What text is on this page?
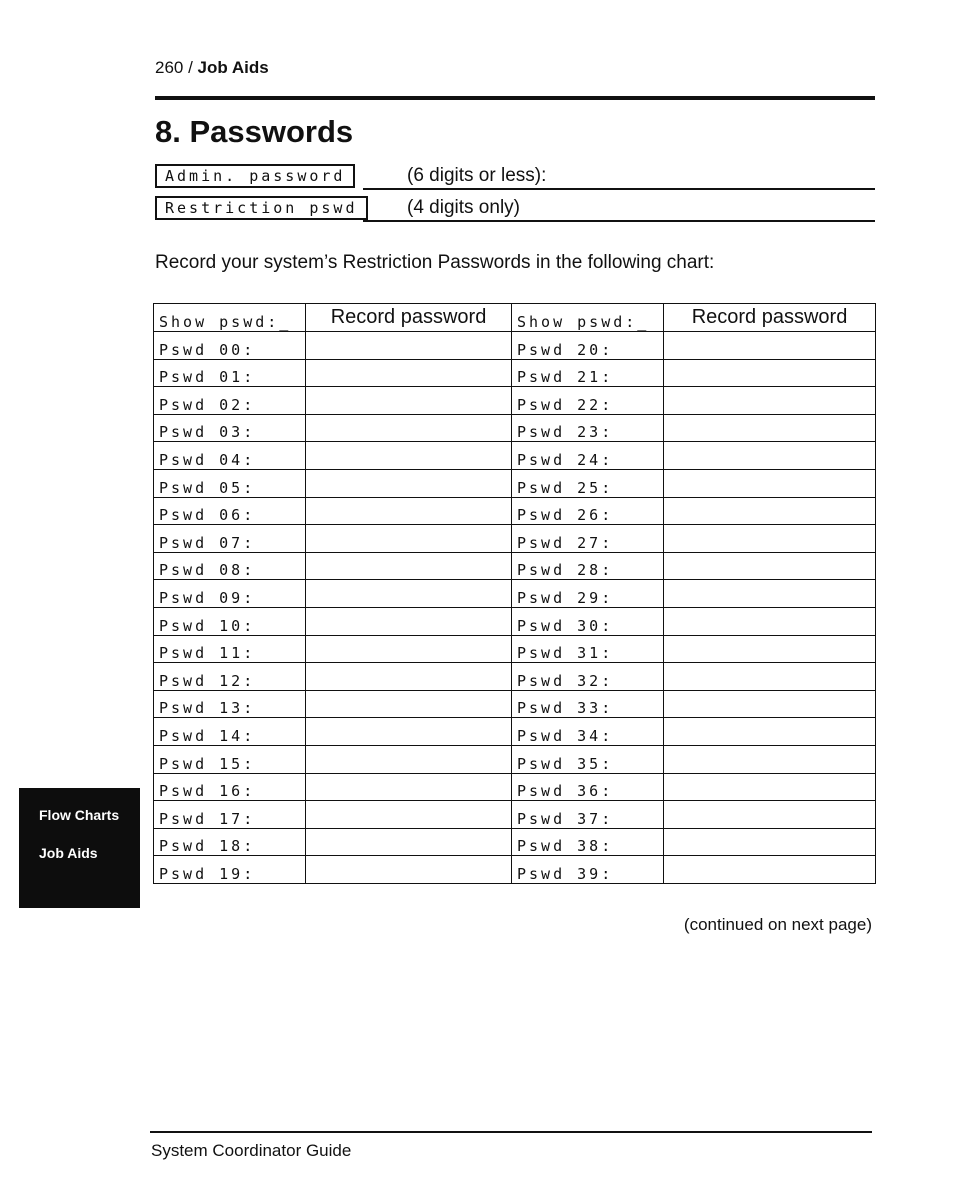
260 / Job Aids
8. Passwords
Admin. password	(6 digits or less):
Restriction pswd	(4 digits only)
Record your system’s Restriction Passwords in the following chart:
Show pswd:_	Record password	Show pswd:_	Record password
Pswd 00:		Pswd 20:	
Pswd 01:		Pswd 21:	
Pswd 02:		Pswd 22:	
Pswd 03:		Pswd 23:	
Pswd 04:		Pswd 24:	
Pswd 05:		Pswd 25:	
Pswd 06:		Pswd 26:	
Pswd 07:		Pswd 27:	
Pswd 08:		Pswd 28:	
Pswd 09:		Pswd 29:	
Pswd 10:		Pswd 30:	
Pswd 11:		Pswd 31:	
Pswd 12:		Pswd 32:	
Pswd 13:		Pswd 33:	
Pswd 14:		Pswd 34:	
Pswd 15:		Pswd 35:	
Pswd 16:		Pswd 36:	
Pswd 17:		Pswd 37:	
Pswd 18:		Pswd 38:	
Pswd 19:		Pswd 39:	
Flow Charts
Job Aids
(continued on next page)
System Coordinator Guide
